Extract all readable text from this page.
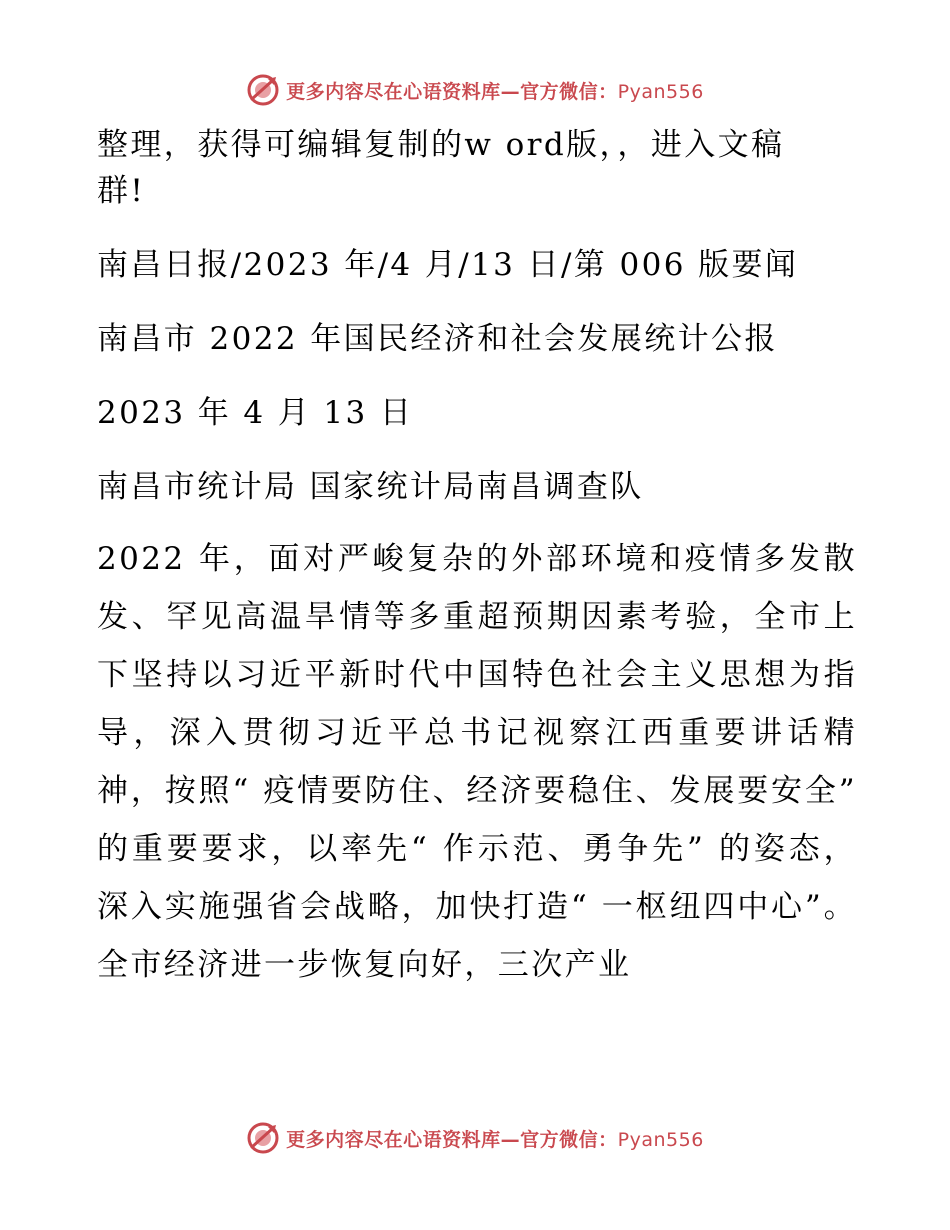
更多内容尽在心语资料库—官方微信：Pyan556

整理，获得可编辑复制的w ord版，，进入文稿

群!

南昌日报/2023 年/4 月/13 日/第 006 版要闻

南昌市 2022 年国民经济和社会发展统计公报

2023 年 4 月 13 日

南昌市统计局 国家统计局南昌调查队

2022 年，面对严峻复杂的外部环境和疫情多发散发、罕见高温旱情等多重超预期因素考验，全市上下坚持以习近平新时代中国特色社会主义思想为指导，深入贯彻习近平总书记视察江西重要讲话精神，按照“ 疫情要防住、经济要稳住、发展要安全” 的重要要求，以率先“ 作示范、勇争先” 的姿态，深入实施强省会战略，加快打造“ 一枢纽四中心”。全市经济进一步恢复向好，三次产业

更多内容尽在心语资料库—官方微信：Pyan556
